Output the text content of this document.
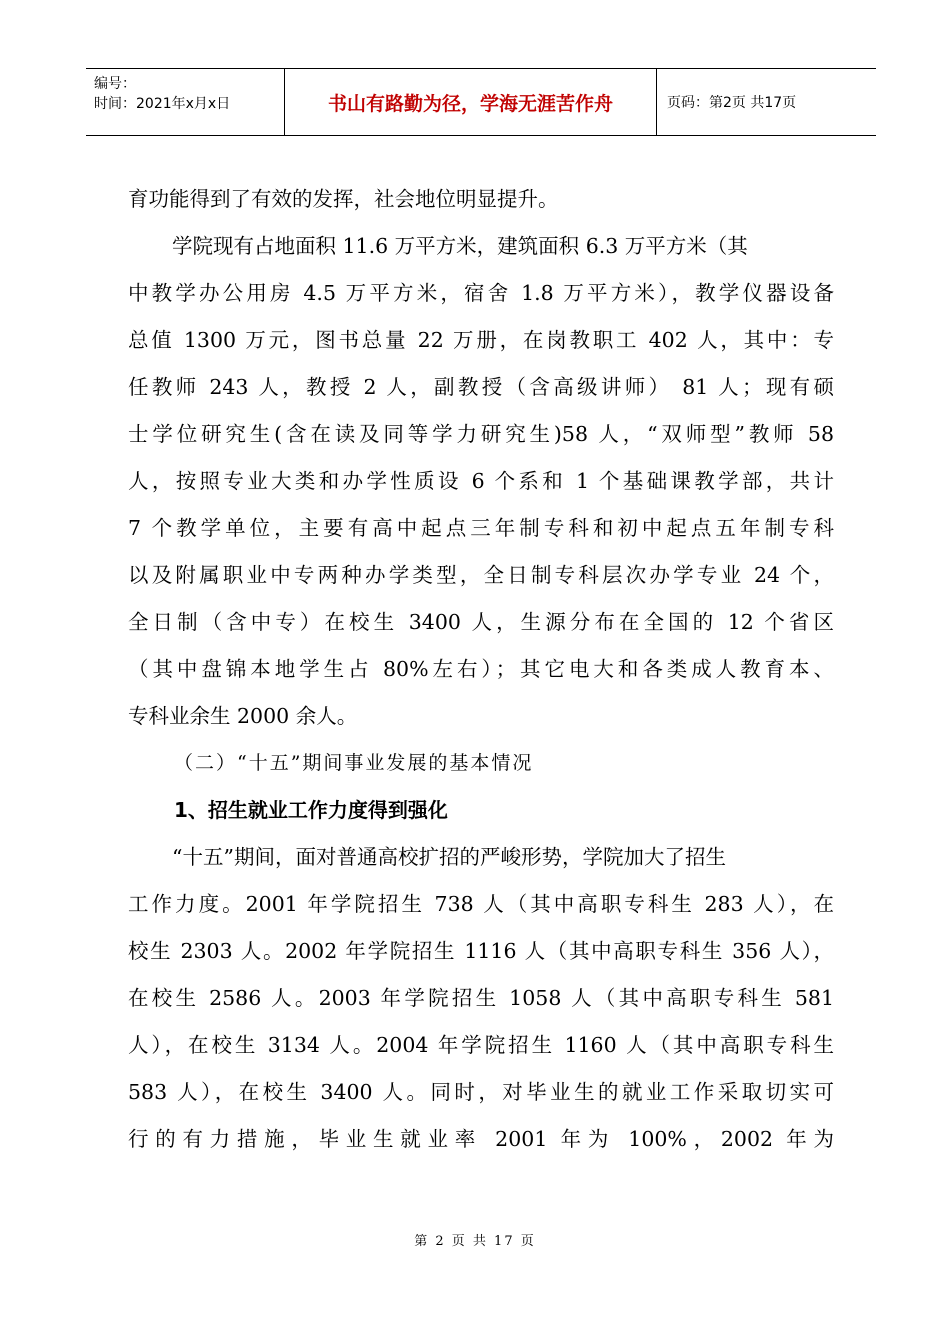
编号：
时间：2021年x月x日	书山有路勤为径，学海无涯苦作舟	页码：第2页 共17页
育功能得到了有效的发挥，社会地位明显提升。
学院现有占地面积 11.6 万平方米，建筑面积 6.3 万平方米（其
中教学办公用房 4.5 万平方米，宿舍 1.8 万平方米），教学仪器设备
总值 1300 万元，图书总量 22 万册，在岗教职工 402 人，其中：专
任教师 243 人，教授 2 人，副教授（含高级讲师） 81 人；现有硕
士学位研究生(含在读及同等学力研究生)58 人，“双师型”教师 58
人，按照专业大类和办学性质设 6 个系和 1 个基础课教学部，共计
7 个教学单位，主要有高中起点三年制专科和初中起点五年制专科
以及附属职业中专两种办学类型，全日制专科层次办学专业 24 个，
全日制（含中专）在校生 3400 人，生源分布在全国的 12 个省区
（其中盘锦本地学生占 80%左右）；其它电大和各类成人教育本、
专科业余生 2000 余人。
（二）“十五”期间事业发展的基本情况
1、招生就业工作力度得到强化
“十五”期间，面对普通高校扩招的严峻形势，学院加大了招生
工作力度。2001 年学院招生 738 人（其中高职专科生 283 人），在
校生 2303 人。2002 年学院招生 1116 人（其中高职专科生 356 人），
在校生 2586 人。2003 年学院招生 1058 人（其中高职专科生 581
人），在校生 3134 人。2004 年学院招生 1160 人（其中高职专科生
583 人），在校生 3400 人。同时，对毕业生的就业工作采取切实可
行的有力措施，毕业生就业率 2001 年为 100%，2002 年为
第 2 页 共 17 页
